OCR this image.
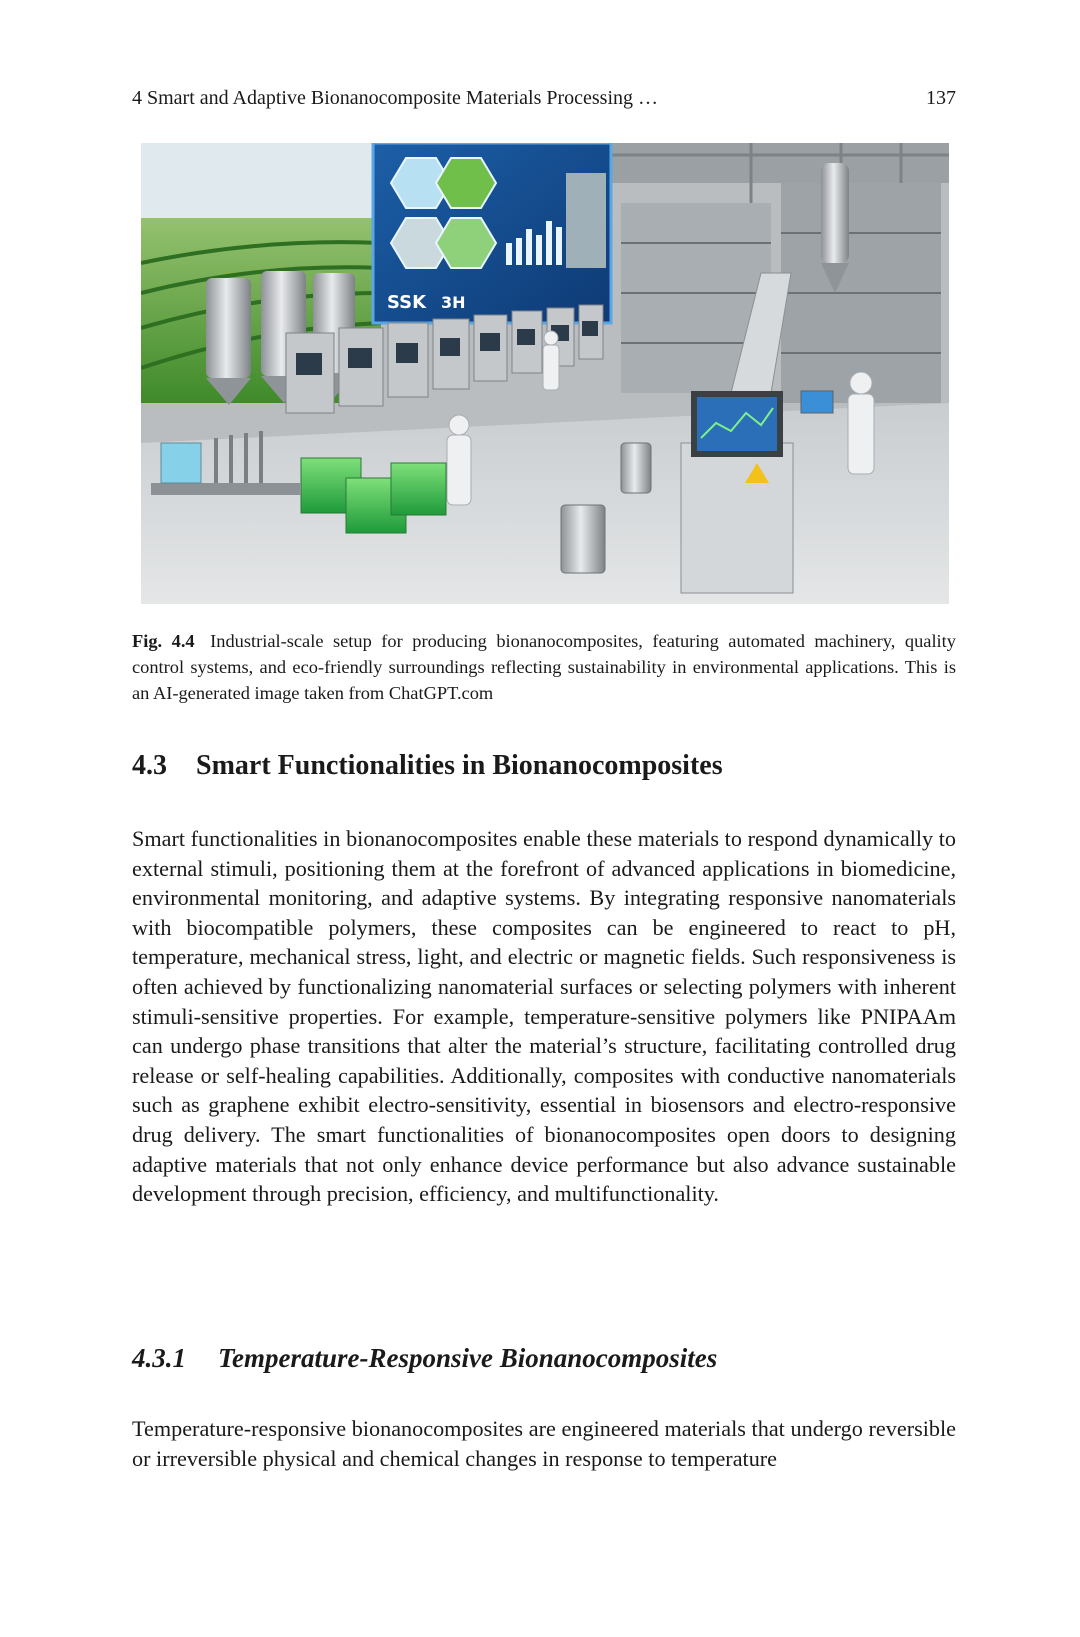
4 Smart and Adaptive Bionanocomposite Materials Processing …	137
SSK 3H
Fig. 4.4 Industrial-scale setup for producing bionanocomposites, featuring automated machinery, quality control systems, and eco-friendly surroundings reflecting sustainability in environmental applications. This is an AI-generated image taken from ChatGPT.com
4.3 Smart Functionalities in Bionanocomposites

Smart functionalities in bionanocomposites enable these materials to respond dynamically to external stimuli, positioning them at the forefront of advanced applications in biomedicine, environmental monitoring, and adaptive systems. By integrating responsive nanomaterials with biocompatible polymers, these composites can be engineered to react to pH, temperature, mechanical stress, light, and electric or magnetic fields. Such responsiveness is often achieved by functionalizing nanomaterial surfaces or selecting polymers with inherent stimuli-sensitive properties. For example, temperature-sensitive polymers like PNIPAAm can undergo phase transitions that alter the material’s structure, facilitating controlled drug release or self-healing capabilities. Additionally, composites with conductive nanomaterials such as graphene exhibit electro-sensitivity, essential in biosensors and electro-responsive drug delivery. The smart functionalities of bionanocomposites open doors to designing adaptive materials that not only enhance device performance but also advance sustainable development through precision, efficiency, and multifunctionality.

4.3.1 Temperature-Responsive Bionanocomposites

Temperature-responsive bionanocomposites are engineered materials that undergo reversible or irreversible physical and chemical changes in response to temperature
